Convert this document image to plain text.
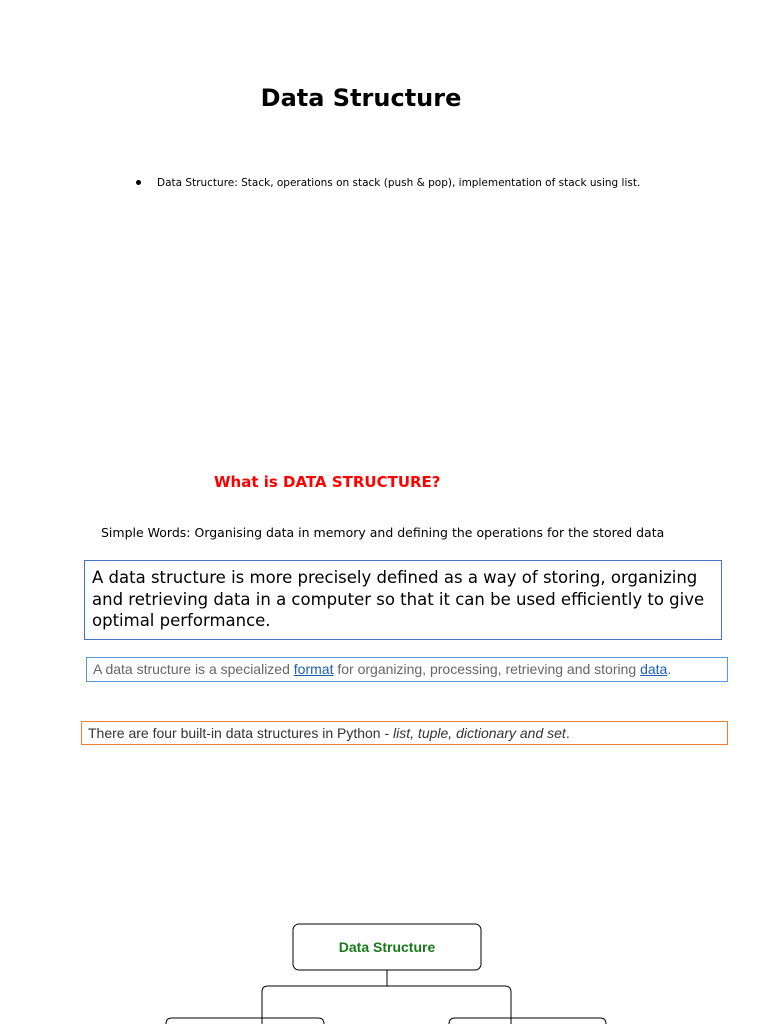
Data Structure
Data Structure: Stack, operations on stack (push & pop), implementation of stack using list.
What is DATA STRUCTURE?
Simple Words: Organising data in memory and defining the operations for the stored data
A data structure is more precisely defined as a way of storing, organizing and retrieving data in a computer so that it can be used efficiently to give optimal performance.
A data structure is a specialized format for organizing, processing, retrieving and storing data.
There are four built-in data structures in Python - list, tuple, dictionary and set.
Data Structure
